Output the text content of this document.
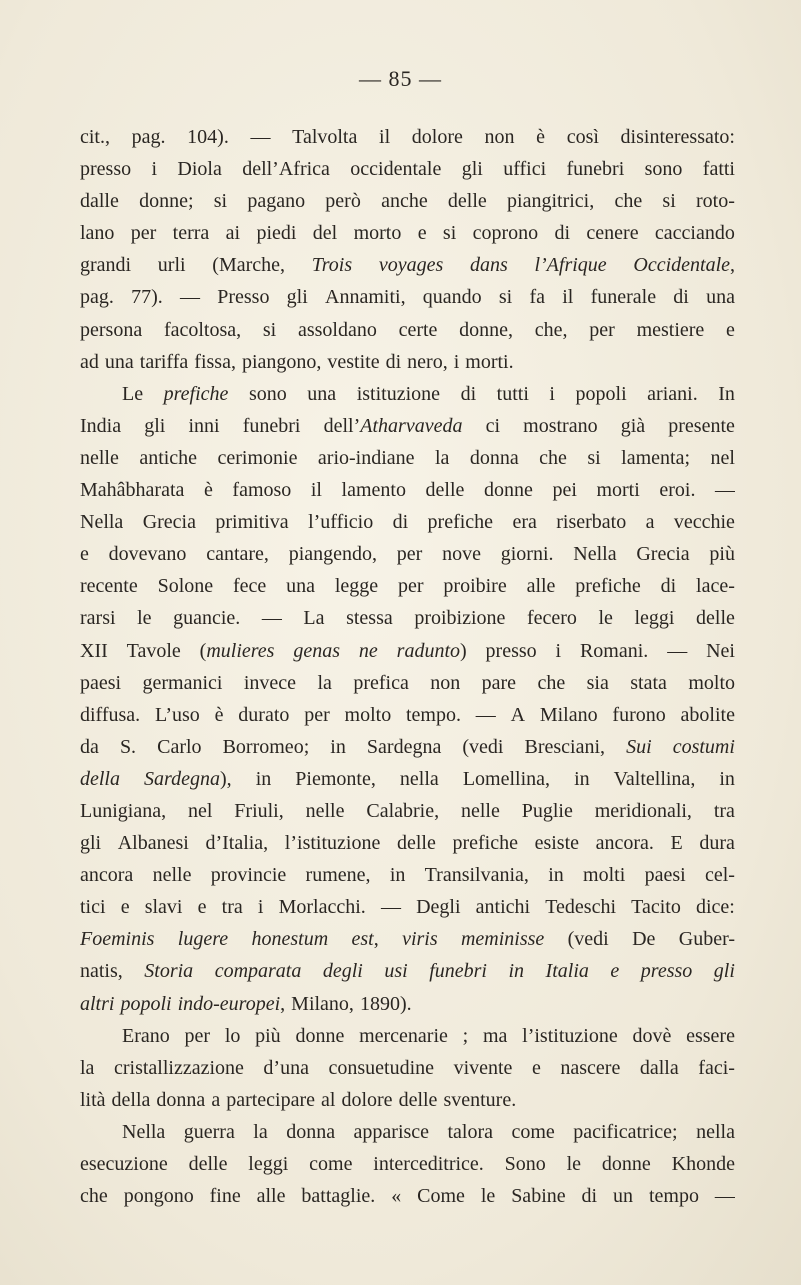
— 85 —
cit., pag. 104). — Talvolta il dolore non è così disinteressato:
presso i Diola dell’Africa occidentale gli uffici funebri sono fatti
dalle donne; si pagano però anche delle piangitrici, che si roto-
lano per terra ai piedi del morto e si coprono di cenere cacciando
grandi urli (Marche, Trois voyages dans l’Afrique Occidentale,
pag. 77). — Presso gli Annamiti, quando si fa il funerale di una
persona facoltosa, si assoldano certe donne, che, per mestiere e
ad una tariffa fissa, piangono, vestite di nero, i morti.
Le prefiche sono una istituzione di tutti i popoli ariani. In
India gli inni funebri dell’Atharvaveda ci mostrano già presente
nelle antiche cerimonie ario-indiane la donna che si lamenta; nel
Mahâbharata è famoso il lamento delle donne pei morti eroi. —
Nella Grecia primitiva l’ufficio di prefiche era riserbato a vecchie
e dovevano cantare, piangendo, per nove giorni. Nella Grecia più
recente Solone fece una legge per proibire alle prefiche di lace-
rarsi le guancie. — La stessa proibizione fecero le leggi delle
XII Tavole (mulieres genas ne radunto) presso i Romani. — Nei
paesi germanici invece la prefica non pare che sia stata molto
diffusa. L’uso è durato per molto tempo. — A Milano furono abolite
da S. Carlo Borromeo; in Sardegna (vedi Bresciani, Sui costumi
della Sardegna), in Piemonte, nella Lomellina, in Valtellina, in
Lunigiana, nel Friuli, nelle Calabrie, nelle Puglie meridionali, tra
gli Albanesi d’Italia, l’istituzione delle prefiche esiste ancora. E dura
ancora nelle provincie rumene, in Transilvania, in molti paesi cel-
tici e slavi e tra i Morlacchi. — Degli antichi Tedeschi Tacito dice:
Foeminis lugere honestum est, viris meminisse (vedi De Guber-
natis, Storia comparata degli usi funebri in Italia e presso gli
altri popoli indo-europei, Milano, 1890).
Erano per lo più donne mercenarie ; ma l’istituzione dovè essere
la cristallizzazione d’una consuetudine vivente e nascere dalla faci-
lità della donna a partecipare al dolore delle sventure.
Nella guerra la donna apparisce talora come pacificatrice; nella
esecuzione delle leggi come interceditrice. Sono le donne Khonde
che pongono fine alle battaglie. « Come le Sabine di un tempo —
